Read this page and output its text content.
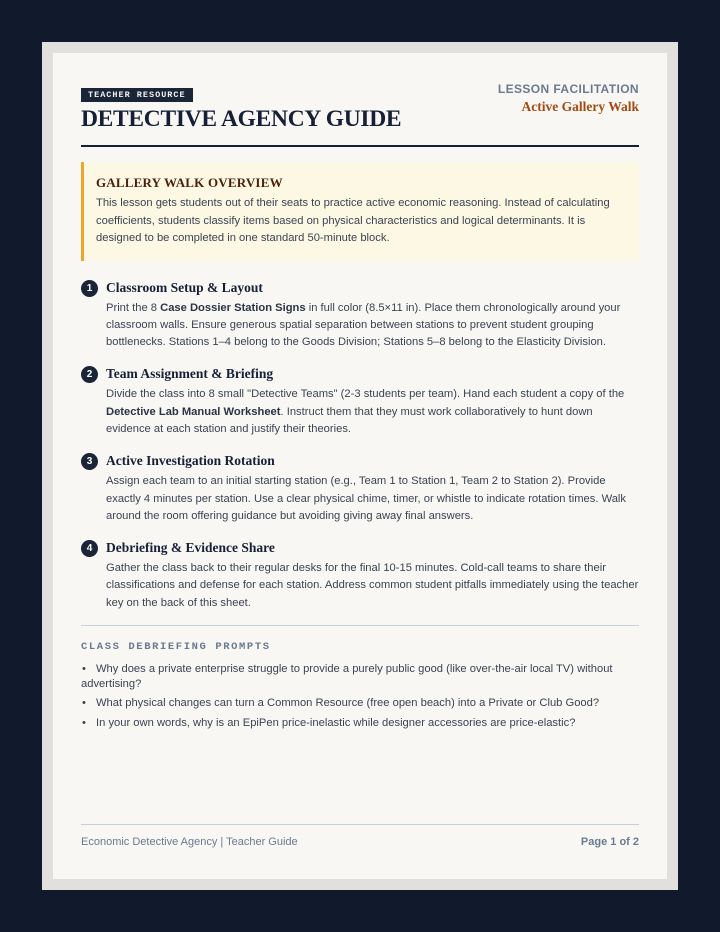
TEACHER RESOURCE
DETECTIVE AGENCY GUIDE
LESSON FACILITATION
Active Gallery Walk
GALLERY WALK OVERVIEW
This lesson gets students out of their seats to practice active economic reasoning. Instead of calculating coefficients, students classify items based on physical characteristics and logical determinants. It is designed to be completed in one standard 50-minute block.
1	Classroom Setup & Layout
Print the 8 Case Dossier Station Signs in full color (8.5×11 in). Place them chronologically around your classroom walls. Ensure generous spatial separation between stations to prevent student grouping bottlenecks. Stations 1–4 belong to the Goods Division; Stations 5–8 belong to the Elasticity Division.
2	Team Assignment & Briefing
Divide the class into 8 small "Detective Teams" (2-3 students per team). Hand each student a copy of the Detective Lab Manual Worksheet. Instruct them that they must work collaboratively to hunt down evidence at each station and justify their theories.
3	Active Investigation Rotation
Assign each team to an initial starting station (e.g., Team 1 to Station 1, Team 2 to Station 2). Provide exactly 4 minutes per station. Use a clear physical chime, timer, or whistle to indicate rotation times. Walk around the room offering guidance but avoiding giving away final answers.
4	Debriefing & Evidence Share
Gather the class back to their regular desks for the final 10-15 minutes. Cold-call teams to share their classifications and defense for each station. Address common student pitfalls immediately using the teacher key on the back of this sheet.
CLASS DEBRIEFING PROMPTS
• Why does a private enterprise struggle to provide a purely public good (like over-the-air local TV) without advertising?
• What physical changes can turn a Common Resource (free open beach) into a Private or Club Good?
• In your own words, why is an EpiPen price-inelastic while designer accessories are price-elastic?
Economic Detective Agency | Teacher Guide	Page 1 of 2
